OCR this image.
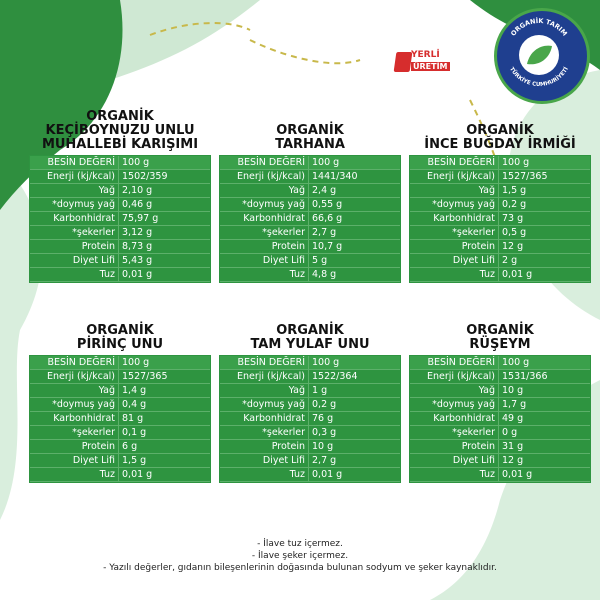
YERLİ
ÜRETİM
ORGANİK TARIM
TÜRKİYE CUMHURİYETİ
ORGANİK
KEÇİBOYNUZU UNLU
MUHALLEBİ KARIŞIMI
BESİN DEĞERİ	100 g
Enerji (kj/kcal)	1502/359
Yağ	2,10 g
*doymuş yağ	0,46 g
Karbonhidrat	75,97 g
*şekerler	3,12 g
Protein	8,73 g
Diyet Lifi	5,43 g
Tuz	0,01 g
ORGANİK
TARHANA
BESİN DEĞERİ	100 g
Enerji (kj/kcal)	1441/340
Yağ	2,4 g
*doymuş yağ	0,55 g
Karbonhidrat	66,6 g
*şekerler	2,7 g
Protein	10,7 g
Diyet Lifi	5 g
Tuz	4,8 g
ORGANİK
İNCE BUĞDAY İRMİĞİ
BESİN DEĞERİ	100 g
Enerji (kj/kcal)	1527/365
Yağ	1,5 g
*doymuş yağ	0,2 g
Karbonhidrat	73 g
*şekerler	0,5 g
Protein	12 g
Diyet Lifi	2 g
Tuz	0,01 g
ORGANİK
PİRİNÇ UNU
BESİN DEĞERİ	100 g
Enerji (kj/kcal)	1527/365
Yağ	1,4 g
*doymuş yağ	0,4 g
Karbonhidrat	81 g
*şekerler	0,1 g
Protein	6 g
Diyet Lifi	1,5 g
Tuz	0,01 g
ORGANİK
TAM YULAF UNU
BESİN DEĞERİ	100 g
Enerji (kj/kcal)	1522/364
Yağ	1 g
*doymuş yağ	0,2 g
Karbonhidrat	76 g
*şekerler	0,3 g
Protein	10 g
Diyet Lifi	2,7 g
Tuz	0,01 g
ORGANİK
RÜŞEYM
BESİN DEĞERİ	100 g
Enerji (kj/kcal)	1531/366
Yağ	10 g
*doymuş yağ	1,7 g
Karbonhidrat	49 g
*şekerler	0 g
Protein	31 g
Diyet Lifi	12 g
Tuz	0,01 g
- İlave tuz içermez.
- İlave şeker içermez.
- Yazılı değerler, gıdanın bileşenlerinin doğasında bulunan sodyum ve şeker kaynaklıdır.
